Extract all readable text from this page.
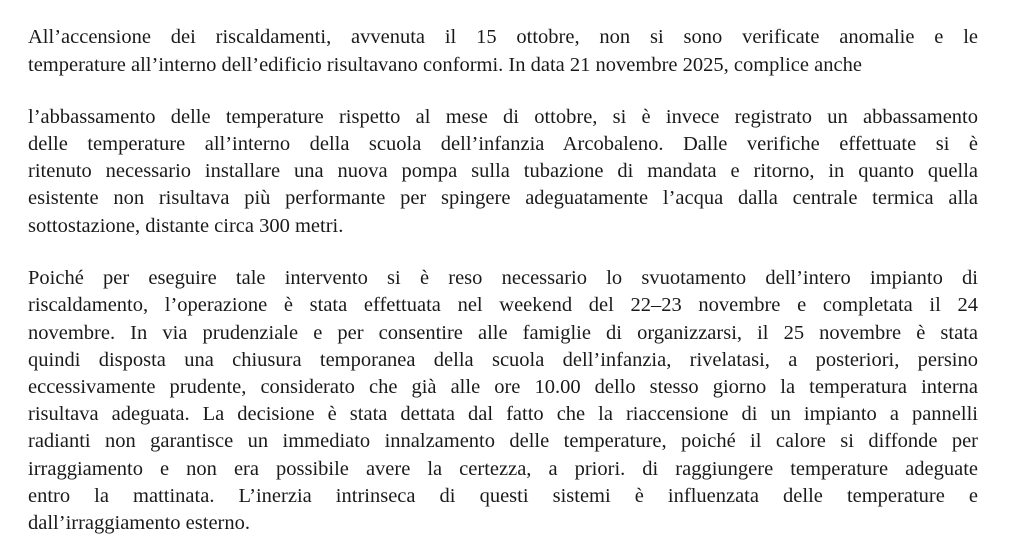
All’accensione dei riscaldamenti, avvenuta il 15 ottobre, non si sono verificate anomalie e le
temperature all’interno dell’edificio risultavano conformi. In data 21 novembre 2025, complice anche
l’abbassamento delle temperature rispetto al mese di ottobre, si è invece registrato un abbassamento
delle temperature all’interno della scuola dell’infanzia Arcobaleno. Dalle verifiche effettuate si è
ritenuto necessario installare una nuova pompa sulla tubazione di mandata e ritorno, in quanto quella
esistente non risultava più performante per spingere adeguatamente l’acqua dalla centrale termica alla
sottostazione, distante circa 300 metri.
Poiché per eseguire tale intervento si è reso necessario lo svuotamento dell’intero impianto di
riscaldamento, l’operazione è stata effettuata nel weekend del 22–23 novembre e completata il 24
novembre. In via prudenziale e per consentire alle famiglie di organizzarsi, il 25 novembre è stata
quindi disposta una chiusura temporanea della scuola dell’infanzia, rivelatasi, a posteriori, persino
eccessivamente prudente, considerato che già alle ore 10.00 dello stesso giorno la temperatura interna
risultava adeguata. La decisione è stata dettata dal fatto che la riaccensione di un impianto a pannelli
radianti non garantisce un immediato innalzamento delle temperature, poiché il calore si diffonde per
irraggiamento e non era possibile avere la certezza, a priori. di raggiungere temperature adeguate
entro la mattinata. L’inerzia intrinseca di questi sistemi è influenzata delle temperature e
dall’irraggiamento esterno.
